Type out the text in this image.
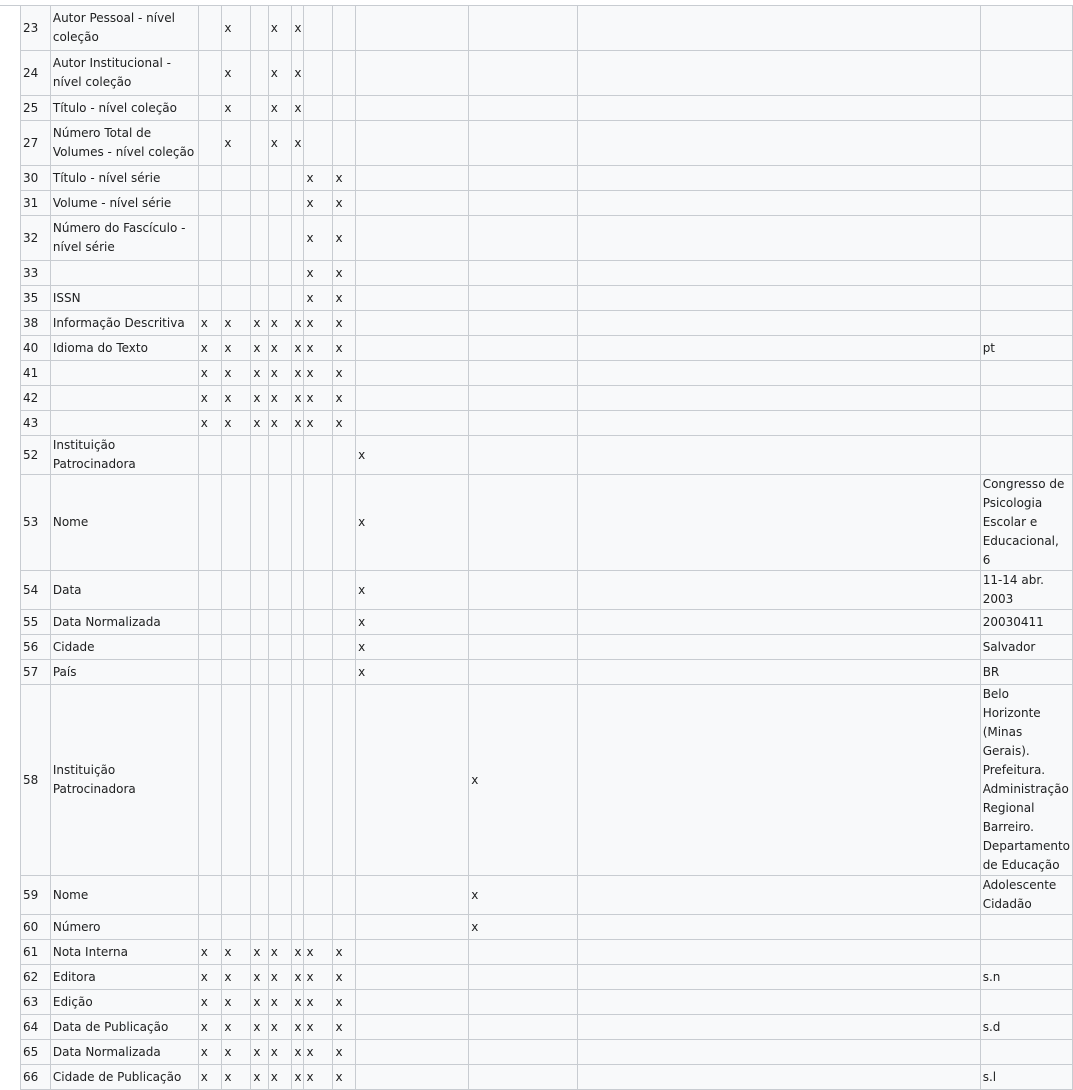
23	Autor Pessoal - nível coleção		x		x	x						
24	Autor Institucional - nível coleção		x		x	x						
25	Título - nível coleção		x		x	x						
27	Número Total de Volumes - nível coleção		x		x	x						
30	Título - nível série						x	x				
31	Volume - nível série						x	x				
32	Número do Fascículo - nível série						x	x				
33							x	x				
35	ISSN						x	x				
38	Informação Descritiva	x	x	x	x	x	x	x				
40	Idioma do Texto	x	x	x	x	x	x	x				pt
41		x	x	x	x	x	x	x				
42		x	x	x	x	x	x	x				
43		x	x	x	x	x	x	x				
52	Instituição Patrocinadora								x			
53	Nome								x			Congresso de Psicologia Escolar e Educacional, 6
54	Data								x			11-14 abr. 2003
55	Data Normalizada								x			20030411
56	Cidade								x			Salvador
57	País								x			BR
58	Instituição Patrocinadora									x		Belo Horizonte (Minas Gerais). Prefeitura. Administração Regional Barreiro. Departamento de Educação
59	Nome									x		Adolescente Cidadão
60	Número									x		
61	Nota Interna	x	x	x	x	x	x	x				
62	Editora	x	x	x	x	x	x	x				s.n
63	Edição	x	x	x	x	x	x	x				
64	Data de Publicação	x	x	x	x	x	x	x				s.d
65	Data Normalizada	x	x	x	x	x	x	x				
66	Cidade de Publicação	x	x	x	x	x	x	x				s.l
